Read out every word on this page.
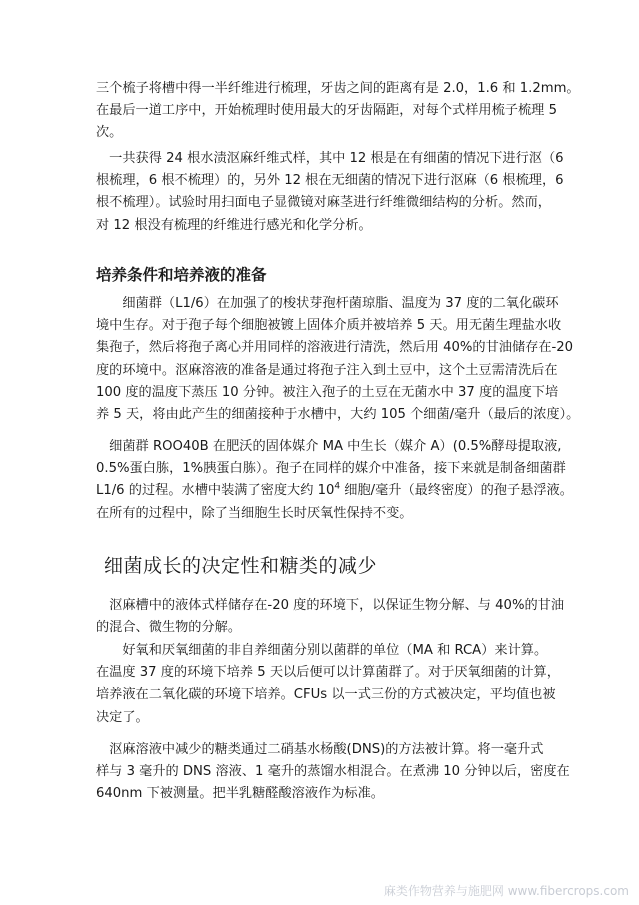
三个梳子将槽中得一半纤维进行梳理，牙齿之间的距离有是 2.0，1.6 和 1.2mm。
在最后一道工序中，开始梳理时使用最大的牙齿隔距，对每个式样用梳子梳理 5
次。

　一共获得 24 根水渍沤麻纤维式样，其中 12 根是在有细菌的情况下进行沤（6
根梳理，6 根不梳理）的，另外 12 根在无细菌的情况下进行沤麻（6 根梳理，6
根不梳理）。试验时用扫面电子显微镜对麻茎进行纤维微细结构的分析。然而，
对 12 根没有梳理的纤维进行感光和化学分析。

培养条件和培养液的准备

　　细菌群（L1/6）在加强了的梭状芽孢杆菌琼脂、温度为 37 度的二氧化碳环
境中生存。对于孢子每个细胞被镀上固体介质并被培养 5 天。用无菌生理盐水收
集孢子，然后将孢子离心并用同样的溶液进行清洗，然后用 40%的甘油储存在-20
度的环境中。沤麻溶液的准备是通过将孢子注入到土豆中，这个土豆需清洗后在
100 度的温度下蒸压 10 分钟。被注入孢子的土豆在无菌水中 37 度的温度下培
养 5 天，将由此产生的细菌接种于水槽中，大约 105 个细菌/毫升（最后的浓度）。

　细菌群 ROO40B 在肥沃的固体媒介 MA 中生长（媒介 A）(0.5%酵母提取液,
0.5%蛋白胨，1%胰蛋白胨）。孢子在同样的媒介中准备，接下来就是制备细菌群
L1/6 的过程。水槽中装满了密度大约 $10^4$ 细胞/毫升（最终密度）的孢子悬浮液。
在所有的过程中，除了当细胞生长时厌氧性保持不变。

细菌成长的决定性和糖类的减少

　沤麻槽中的液体式样储存在-20 度的环境下，以保证生物分解、与 40%的甘油
的混合、微生物的分解。

　　好氧和厌氧细菌的非自养细菌分别以菌群的单位（MA 和 RCA）来计算。
在温度 37 度的环境下培养 5 天以后便可以计算菌群了。对于厌氧细菌的计算，
培养液在二氧化碳的环境下培养。CFUs 以一式三份的方式被决定，平均值也被
决定了。

　沤麻溶液中减少的糖类通过二硝基水杨酸(DNS)的方法被计算。将一毫升式
样与 3 毫升的 DNS 溶液、1 毫升的蒸馏水相混合。在煮沸 10 分钟以后，密度在
640nm 下被测量。把半乳糖醛酸溶液作为标准。

麻类作物营养与施肥网 www.fibercrops.com
